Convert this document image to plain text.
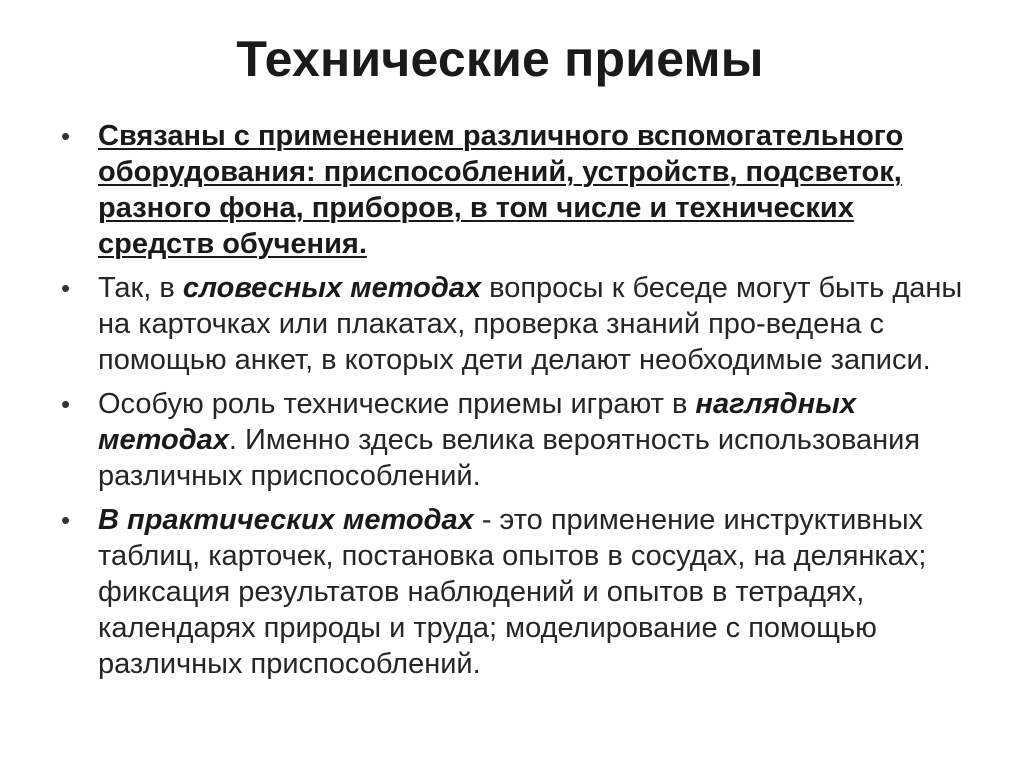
Технические приемы
• Связаны с применением различного вспомогательного оборудования: приспособлений, устройств, подсветок, разного фона, приборов, в том числе и технических средств обучения.
• Так, в словесных методах вопросы к беседе могут быть даны на карточках или плакатах, проверка знаний про-ведена с помощью анкет, в которых дети делают необходимые записи.
• Особую роль технические приемы играют в наглядных методах. Именно здесь велика вероятность использования различных приспособлений.
• В практических методах - это применение инструктивных таблиц, карточек, постановка опытов в сосудах, на делянках; фиксация результатов наблюдений и опытов в тетрадях, календарях природы и труда; моделирование с помощью различных приспособлений.
